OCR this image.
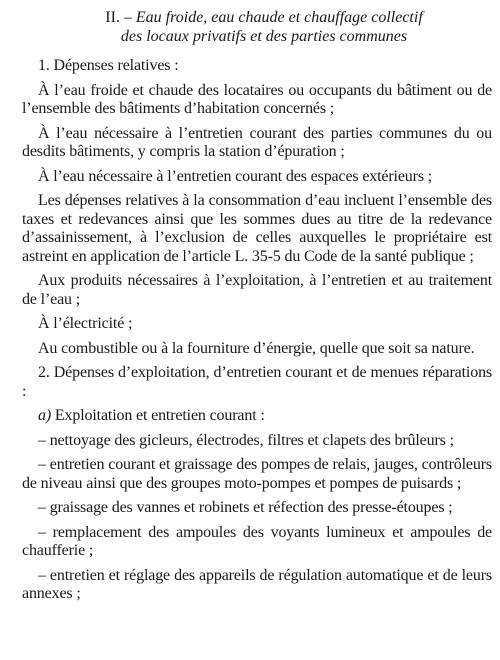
II. – Eau froide, eau chaude et chauffage collectif
des locaux privatifs et des parties communes

1. Dépenses relatives :

À l’eau froide et chaude des locataires ou occupants du bâtiment ou de l’ensemble des bâtiments d’habitation concernés ;

À l’eau nécessaire à l’entretien courant des parties communes du ou desdits bâtiments, y compris la station d’épuration ;

À l’eau nécessaire à l’entretien courant des espaces extérieurs ;

Les dépenses relatives à la consommation d’eau incluent l’ensemble des taxes et redevances ainsi que les sommes dues au titre de la redevance d’assainissement, à l’exclusion de celles auxquelles le propriétaire est astreint en application de l’article L. 35-5 du Code de la santé publique ;

Aux produits nécessaires à l’exploitation, à l’entretien et au traitement de l’eau ;

À l’électricité ;

Au combustible ou à la fourniture d’énergie, quelle que soit sa nature.

2. Dépenses d’exploitation, d’entretien courant et de menues réparations :

a) Exploitation et entretien courant :

– nettoyage des gicleurs, électrodes, filtres et clapets des brûleurs ;

– entretien courant et graissage des pompes de relais, jauges, contrôleurs de niveau ainsi que des groupes moto-pompes et pompes de puisards ;

– graissage des vannes et robinets et réfection des presse-étoupes ;

– remplacement des ampoules des voyants lumineux et ampoules de chaufferie ;

– entretien et réglage des appareils de régulation automatique et de leurs annexes ;
